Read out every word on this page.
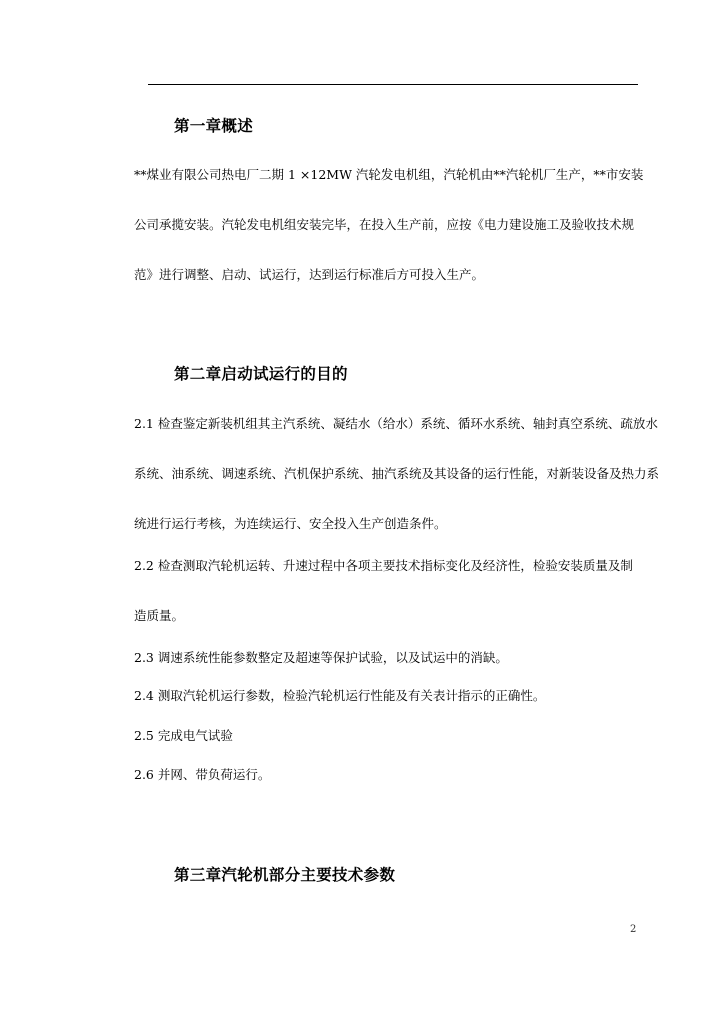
第一章概述

**煤业有限公司热电厂二期 1 ×12MW 汽轮发电机组，汽轮机由**汽轮机厂生产，**市安装

公司承揽安装。汽轮发电机组安装完毕，在投入生产前，应按《电力建设施工及验收技术规

范》进行调整、启动、试运行，达到运行标准后方可投入生产。

第二章启动试运行的目的

2.1 检查鉴定新装机组其主汽系统、凝结水（给水）系统、循环水系统、轴封真空系统、疏放水

系统、油系统、调速系统、汽机保护系统、抽汽系统及其设备的运行性能，对新装设备及热力系

统进行运行考核，为连续运行、安全投入生产创造条件。

2.2 检查测取汽轮机运转、升速过程中各项主要技术指标变化及经济性，检验安装质量及制

造质量。

2.3 调速系统性能参数整定及超速等保护试验，以及试运中的消缺。

2.4 测取汽轮机运行参数，检验汽轮机运行性能及有关表计指示的正确性。

2.5 完成电气试验

2.6 并网、带负荷运行。

第三章汽轮机部分主要技术参数
2
